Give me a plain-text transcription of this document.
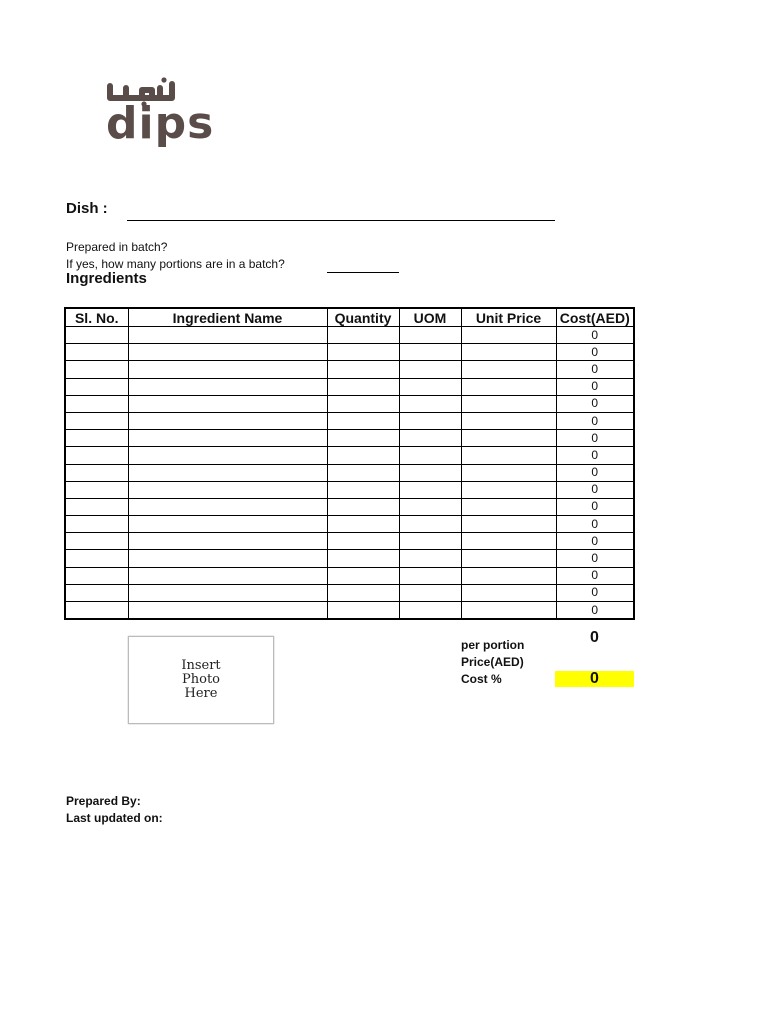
dips
Dish :
Prepared in batch?
If yes, how many portions are in a batch?
Ingredients
Sl. No.	Ingredient Name	Quantity	UOM	Unit Price	Cost(AED)
					0
					0
					0
					0
					0
					0
					0
					0
					0
					0
					0
					0
					0
					0
					0
					0
					0
Insert
Photo
Here
0
per portion
Price(AED)
Cost %	0
Prepared By:
Last updated on:
